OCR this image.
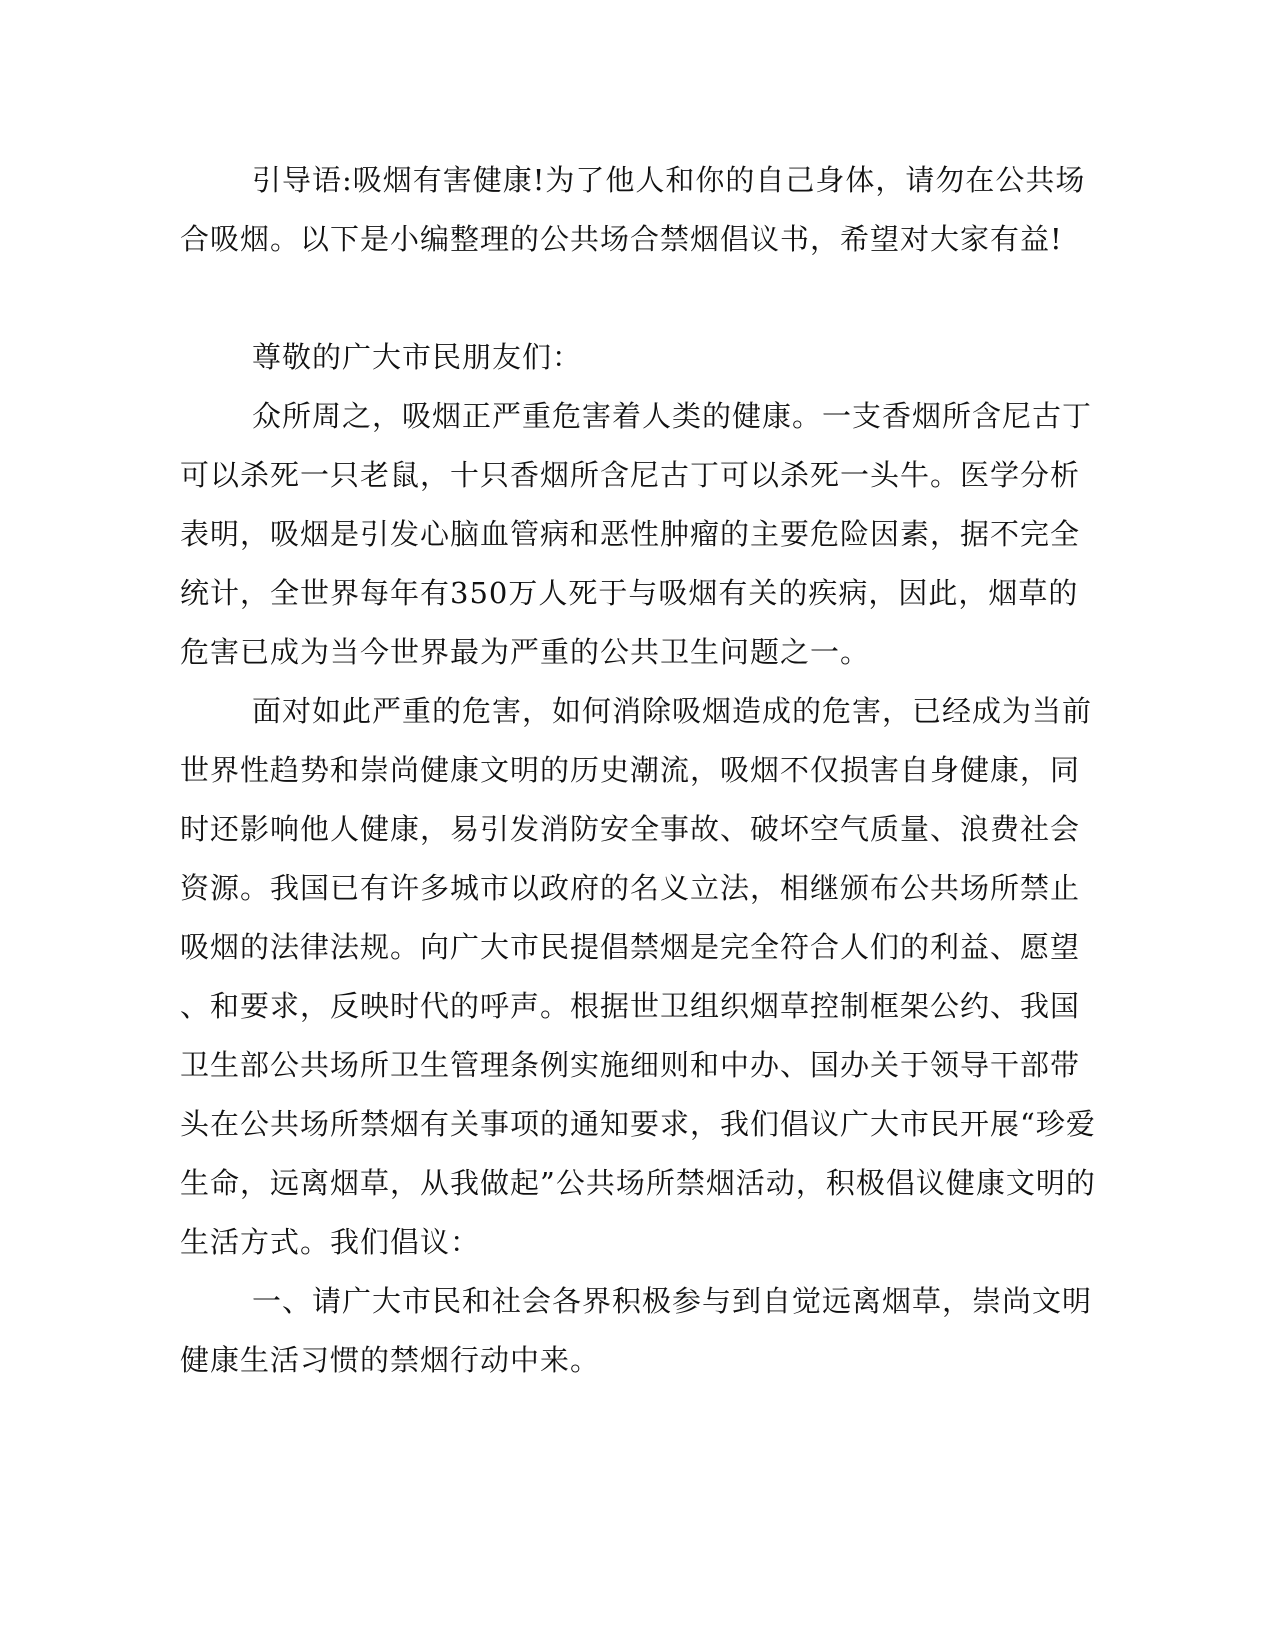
引导语:吸烟有害健康!为了他人和你的自己身体，请勿在公共场
合吸烟。以下是小编整理的公共场合禁烟倡议书，希望对大家有益!
尊敬的广大市民朋友们：
众所周之，吸烟正严重危害着人类的健康。一支香烟所含尼古丁
可以杀死一只老鼠，十只香烟所含尼古丁可以杀死一头牛。医学分析
表明，吸烟是引发心脑血管病和恶性肿瘤的主要危险因素，据不完全
统计，全世界每年有350万人死于与吸烟有关的疾病，因此，烟草的
危害已成为当今世界最为严重的公共卫生问题之一。
面对如此严重的危害，如何消除吸烟造成的危害，已经成为当前
世界性趋势和崇尚健康文明的历史潮流，吸烟不仅损害自身健康，同
时还影响他人健康，易引发消防安全事故、破坏空气质量、浪费社会
资源。我国已有许多城市以政府的名义立法，相继颁布公共场所禁止
吸烟的法律法规。向广大市民提倡禁烟是完全符合人们的利益、愿望
、和要求，反映时代的呼声。根据世卫组织烟草控制框架公约、我国
卫生部公共场所卫生管理条例实施细则和中办、国办关于领导干部带
头在公共场所禁烟有关事项的通知要求，我们倡议广大市民开展“珍爱
生命，远离烟草，从我做起”公共场所禁烟活动，积极倡议健康文明的
生活方式。我们倡议：
一、请广大市民和社会各界积极参与到自觉远离烟草，崇尚文明
健康生活习惯的禁烟行动中来。
